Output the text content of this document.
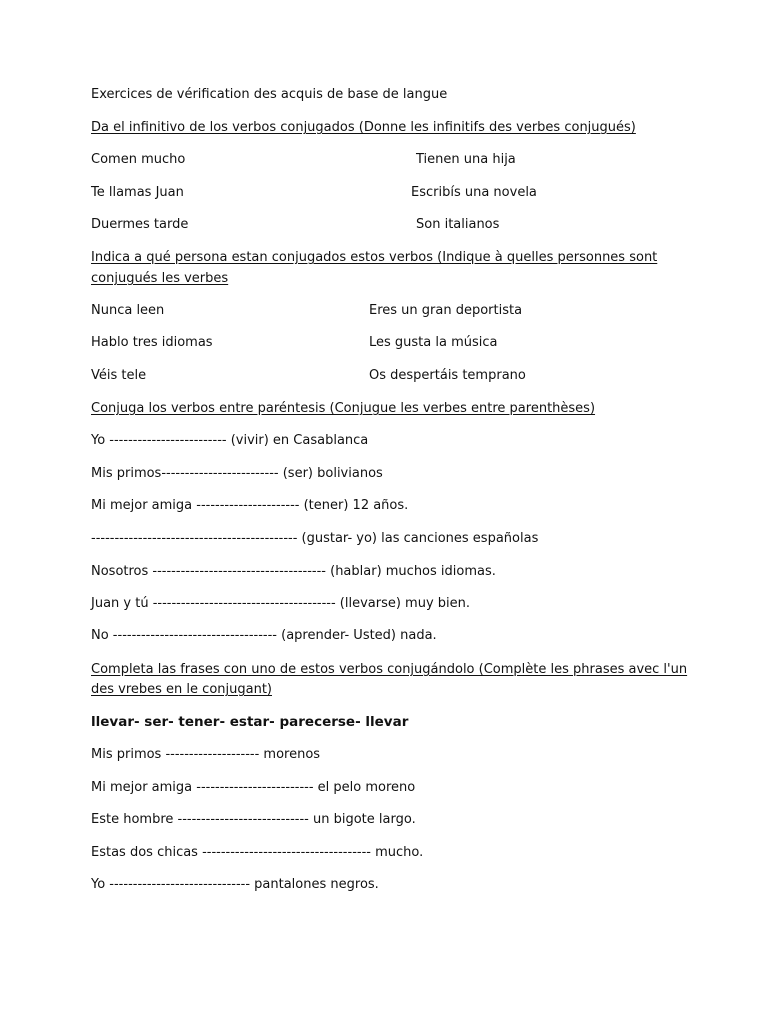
Exercices de vérification des acquis de base de langue
Da el infinitivo de los verbos conjugados (Donne les infinitifs des verbes conjugués)
Comen mucho	Tienen una hija
Te llamas Juan	Escribís una novela
Duermes tarde	Son italianos
Indica a qué persona estan conjugados estos verbos (Indique à quelles personnes sont
conjugués les verbes
Nunca leen	Eres un gran deportista
Hablo tres idiomas	Les gusta la música
Véis tele	Os despertáis temprano
Conjuga los verbos entre paréntesis (Conjugue les verbes entre parenthèses)
Yo ------------------------- (vivir) en Casablanca
Mis primos------------------------- (ser) bolivianos
Mi mejor amiga ---------------------- (tener) 12 años.
-------------------------------------------- (gustar- yo) las canciones españolas
Nosotros ------------------------------------- (hablar) muchos idiomas.
Juan y tú --------------------------------------- (llevarse) muy bien.
No ----------------------------------- (aprender- Usted) nada.
Completa las frases con uno de estos verbos conjugándolo (Complète les phrases avec l'un
des vrebes en le conjugant)
llevar- ser- tener- estar- parecerse- llevar
Mis primos -------------------- morenos
Mi mejor amiga ------------------------- el pelo moreno
Este hombre ---------------------------- un bigote largo.
Estas dos chicas ------------------------------------ mucho.
Yo ------------------------------ pantalones negros.
